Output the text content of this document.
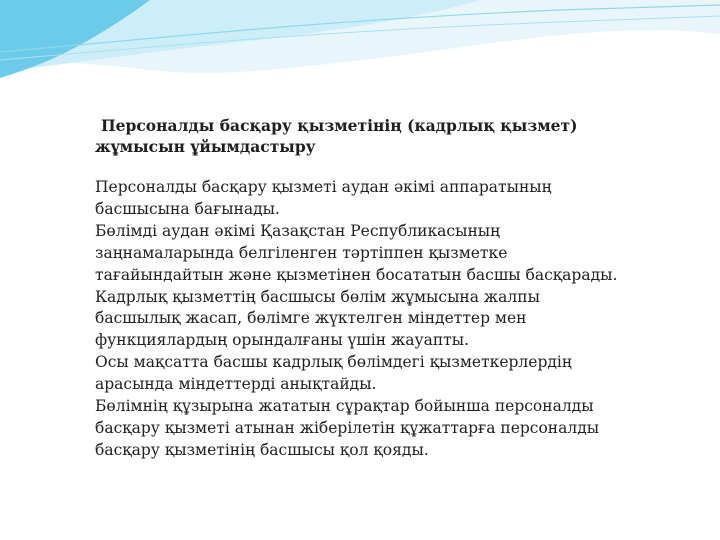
Персоналды басқару қызметінің (кадрлық қызмет)
жұмысын ұйымдастыру
Персоналды басқару қызметі аудан әкімі аппаратының
басшысына бағынады.
Бөлімді аудан әкімі Қазақстан Республикасының
заңнамаларында белгіленген тәртіппен қызметке
тағайындайтын және қызметінен босататын басшы басқарады.
Кадрлық қызметтің басшысы бөлім жұмысына жалпы
басшылық жасап, бөлімге жүктелген міндеттер мен
функциялардың орындалғаны үшін жауапты.
Осы мақсатта басшы кадрлық бөлімдегі қызметкерлердің
арасында міндеттерді анықтайды.
Бөлімнің құзырына жататын сұрақтар бойынша персоналды
басқару қызметі атынан жіберілетін құжаттарға персоналды
басқару қызметінің басшысы қол қояды.
